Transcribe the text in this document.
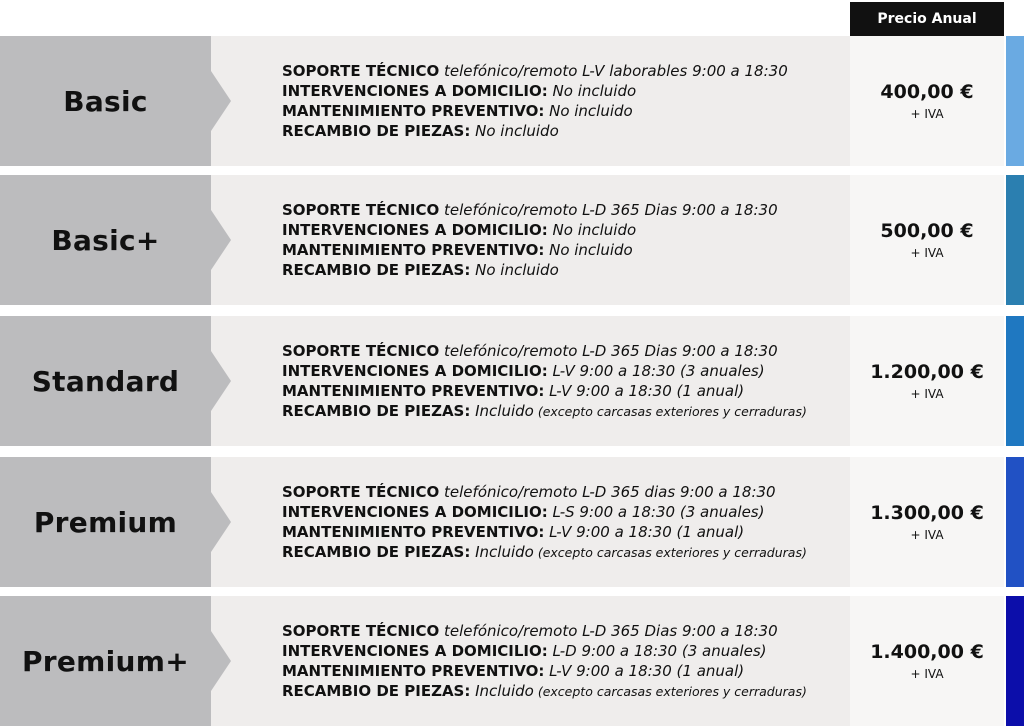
Precio Anual
Basic
SOPORTE TÉCNICO telefónico/remoto L-V laborables 9:00 a 18:30
INTERVENCIONES A DOMICILIO: No incluido
MANTENIMIENTO PREVENTIVO: No incluido
RECAMBIO DE PIEZAS: No incluido
400,00 €
+ IVA
Basic+
SOPORTE TÉCNICO telefónico/remoto L-D 365 Dias 9:00 a 18:30
INTERVENCIONES A DOMICILIO: No incluido
MANTENIMIENTO PREVENTIVO: No incluido
RECAMBIO DE PIEZAS: No incluido
500,00 €
+ IVA
Standard
SOPORTE TÉCNICO telefónico/remoto L-D 365 Dias 9:00 a 18:30
INTERVENCIONES A DOMICILIO: L-V 9:00 a 18:30 (3 anuales)
MANTENIMIENTO PREVENTIVO: L-V 9:00 a 18:30 (1 anual)
RECAMBIO DE PIEZAS: Incluido (excepto carcasas exteriores y cerraduras)
1.200,00 €
+ IVA
Premium
SOPORTE TÉCNICO telefónico/remoto L-D 365 dias 9:00 a 18:30
INTERVENCIONES A DOMICILIO: L-S 9:00 a 18:30 (3 anuales)
MANTENIMIENTO PREVENTIVO: L-V 9:00 a 18:30 (1 anual)
RECAMBIO DE PIEZAS: Incluido (excepto carcasas exteriores y cerraduras)
1.300,00 €
+ IVA
Premium+
SOPORTE TÉCNICO telefónico/remoto L-D 365 Dias 9:00 a 18:30
INTERVENCIONES A DOMICILIO: L-D 9:00 a 18:30 (3 anuales)
MANTENIMIENTO PREVENTIVO: L-V 9:00 a 18:30 (1 anual)
RECAMBIO DE PIEZAS: Incluido (excepto carcasas exteriores y cerraduras)
1.400,00 €
+ IVA
